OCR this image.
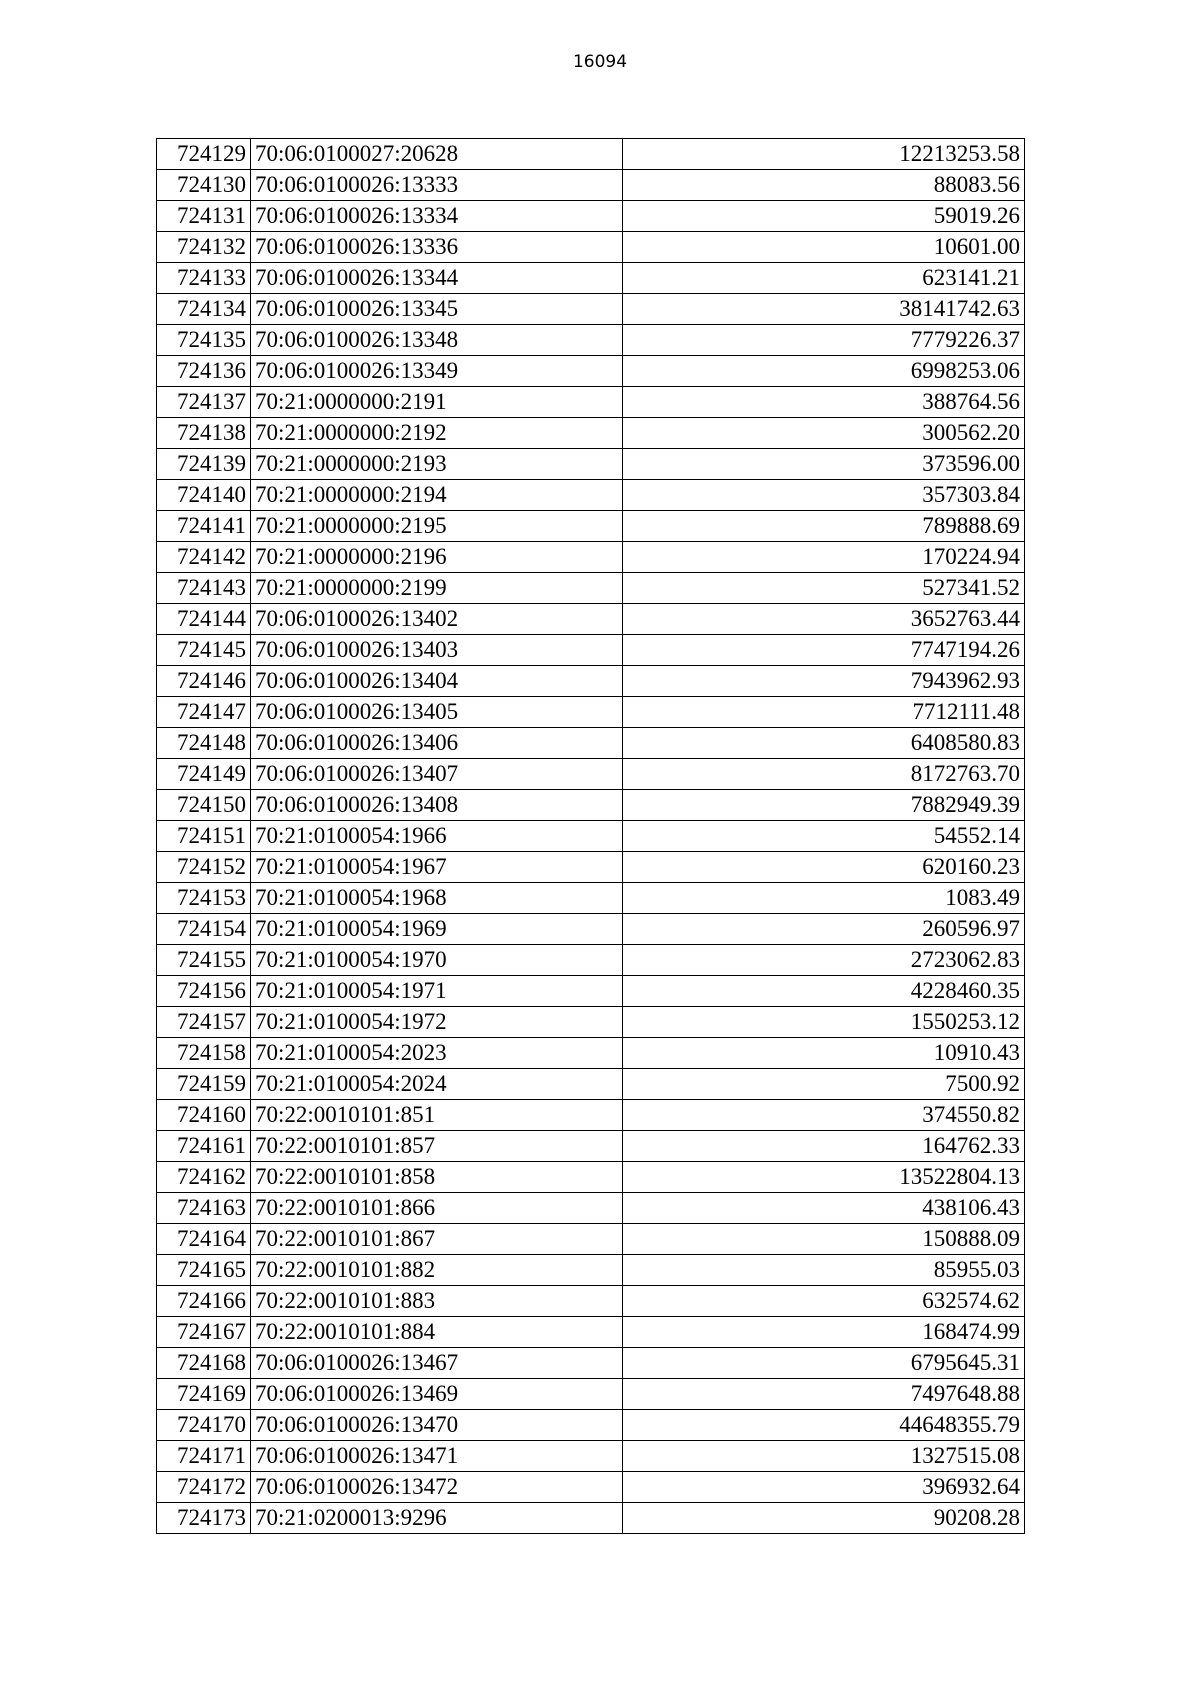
16094
724129	70:06:0100027:20628	12213253.58
724130	70:06:0100026:13333	88083.56
724131	70:06:0100026:13334	59019.26
724132	70:06:0100026:13336	10601.00
724133	70:06:0100026:13344	623141.21
724134	70:06:0100026:13345	38141742.63
724135	70:06:0100026:13348	7779226.37
724136	70:06:0100026:13349	6998253.06
724137	70:21:0000000:2191	388764.56
724138	70:21:0000000:2192	300562.20
724139	70:21:0000000:2193	373596.00
724140	70:21:0000000:2194	357303.84
724141	70:21:0000000:2195	789888.69
724142	70:21:0000000:2196	170224.94
724143	70:21:0000000:2199	527341.52
724144	70:06:0100026:13402	3652763.44
724145	70:06:0100026:13403	7747194.26
724146	70:06:0100026:13404	7943962.93
724147	70:06:0100026:13405	7712111.48
724148	70:06:0100026:13406	6408580.83
724149	70:06:0100026:13407	8172763.70
724150	70:06:0100026:13408	7882949.39
724151	70:21:0100054:1966	54552.14
724152	70:21:0100054:1967	620160.23
724153	70:21:0100054:1968	1083.49
724154	70:21:0100054:1969	260596.97
724155	70:21:0100054:1970	2723062.83
724156	70:21:0100054:1971	4228460.35
724157	70:21:0100054:1972	1550253.12
724158	70:21:0100054:2023	10910.43
724159	70:21:0100054:2024	7500.92
724160	70:22:0010101:851	374550.82
724161	70:22:0010101:857	164762.33
724162	70:22:0010101:858	13522804.13
724163	70:22:0010101:866	438106.43
724164	70:22:0010101:867	150888.09
724165	70:22:0010101:882	85955.03
724166	70:22:0010101:883	632574.62
724167	70:22:0010101:884	168474.99
724168	70:06:0100026:13467	6795645.31
724169	70:06:0100026:13469	7497648.88
724170	70:06:0100026:13470	44648355.79
724171	70:06:0100026:13471	1327515.08
724172	70:06:0100026:13472	396932.64
724173	70:21:0200013:9296	90208.28
